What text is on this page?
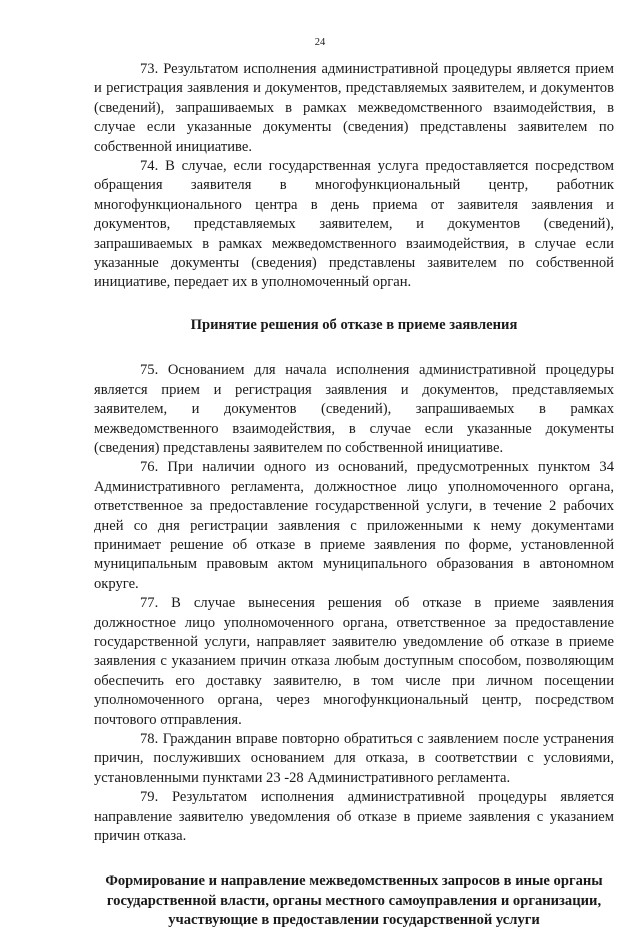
24

73. Результатом исполнения административной процедуры является прием и регистрация заявления и документов, представляемых заявителем, и документов (сведений), запрашиваемых в рамках межведомственного взаимодействия, в случае если указанные документы (сведения) представлены заявителем по собственной инициативе.

74. В случае, если государственная услуга предоставляется посредством обращения заявителя в многофункциональный центр, работник многофункционального центра в день приема от заявителя заявления и документов, представляемых заявителем, и документов (сведений), запрашиваемых в рамках межведомственного взаимодействия, в случае если указанные документы (сведения) представлены заявителем по собственной инициативе, передает их в уполномоченный орган.

Принятие решения об отказе в приеме заявления

75. Основанием для начала исполнения административной процедуры является прием и регистрация заявления и документов, представляемых заявителем, и документов (сведений), запрашиваемых в рамках межведомственного взаимодействия, в случае если указанные документы (сведения) представлены заявителем по собственной инициативе.

76. При наличии одного из оснований, предусмотренных пунктом 34 Административного регламента, должностное лицо уполномоченного органа, ответственное за предоставление государственной услуги, в течение 2 рабочих дней со дня регистрации заявления с приложенными к нему документами принимает решение об отказе в приеме заявления по форме, установленной муниципальным правовым актом муниципального образования в автономном округе.

77. В случае вынесения решения об отказе в приеме заявления должностное лицо уполномоченного органа, ответственное за предоставление государственной услуги, направляет заявителю уведомление об отказе в приеме заявления с указанием причин отказа любым доступным способом, позволяющим обеспечить его доставку заявителю, в том числе при личном посещении уполномоченного органа, через многофункциональный центр, посредством почтового отправления.

78. Гражданин вправе повторно обратиться с заявлением после устранения причин, послуживших основанием для отказа, в соответствии с условиями, установленными пунктами 23 -28 Административного регламента.

79. Результатом исполнения административной процедуры является направление заявителю уведомления об отказе в приеме заявления с указанием причин отказа.

Формирование и направление межведомственных запросов в иные органы государственной власти, органы местного самоуправления и организации, участвующие в предоставлении государственной услуги
